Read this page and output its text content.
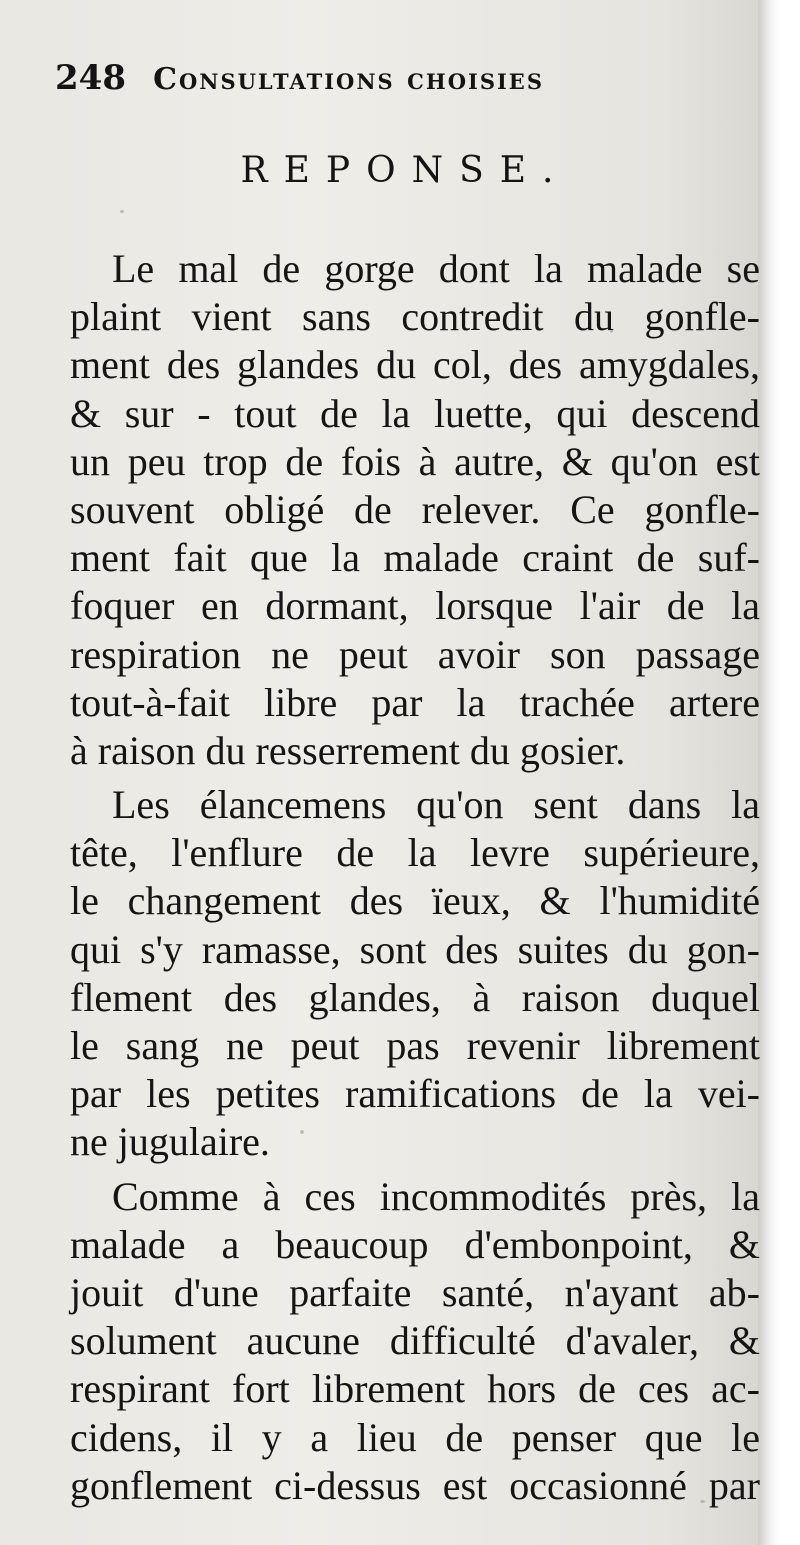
248 Consultations choisies
REPONSE.
Le mal de gorge dont la malade se
plaint vient sans contredit du gonfle-
ment des glandes du col, des amygdales,
& sur - tout de la luette, qui descend
un peu trop de fois à autre, & qu'on est
souvent obligé de relever. Ce gonfle-
ment fait que la malade craint de suf-
foquer en dormant, lorsque l'air de la
respiration ne peut avoir son passage
tout-à-fait libre par la trachée artere
à raison du resserrement du gosier.
Les élancemens qu'on sent dans la
tête, l'enflure de la levre supérieure,
le changement des ïeux, & l'humidité
qui s'y ramasse, sont des suites du gon-
flement des glandes, à raison duquel
le sang ne peut pas revenir librement
par les petites ramifications de la vei-
ne jugulaire.
Comme à ces incommodités près, la
malade a beaucoup d'embonpoint, &
jouit d'une parfaite santé, n'ayant ab-
solument aucune difficulté d'avaler, &
respirant fort librement hors de ces ac-
cidens, il y a lieu de penser que le
gonflement ci-dessus est occasionné par
